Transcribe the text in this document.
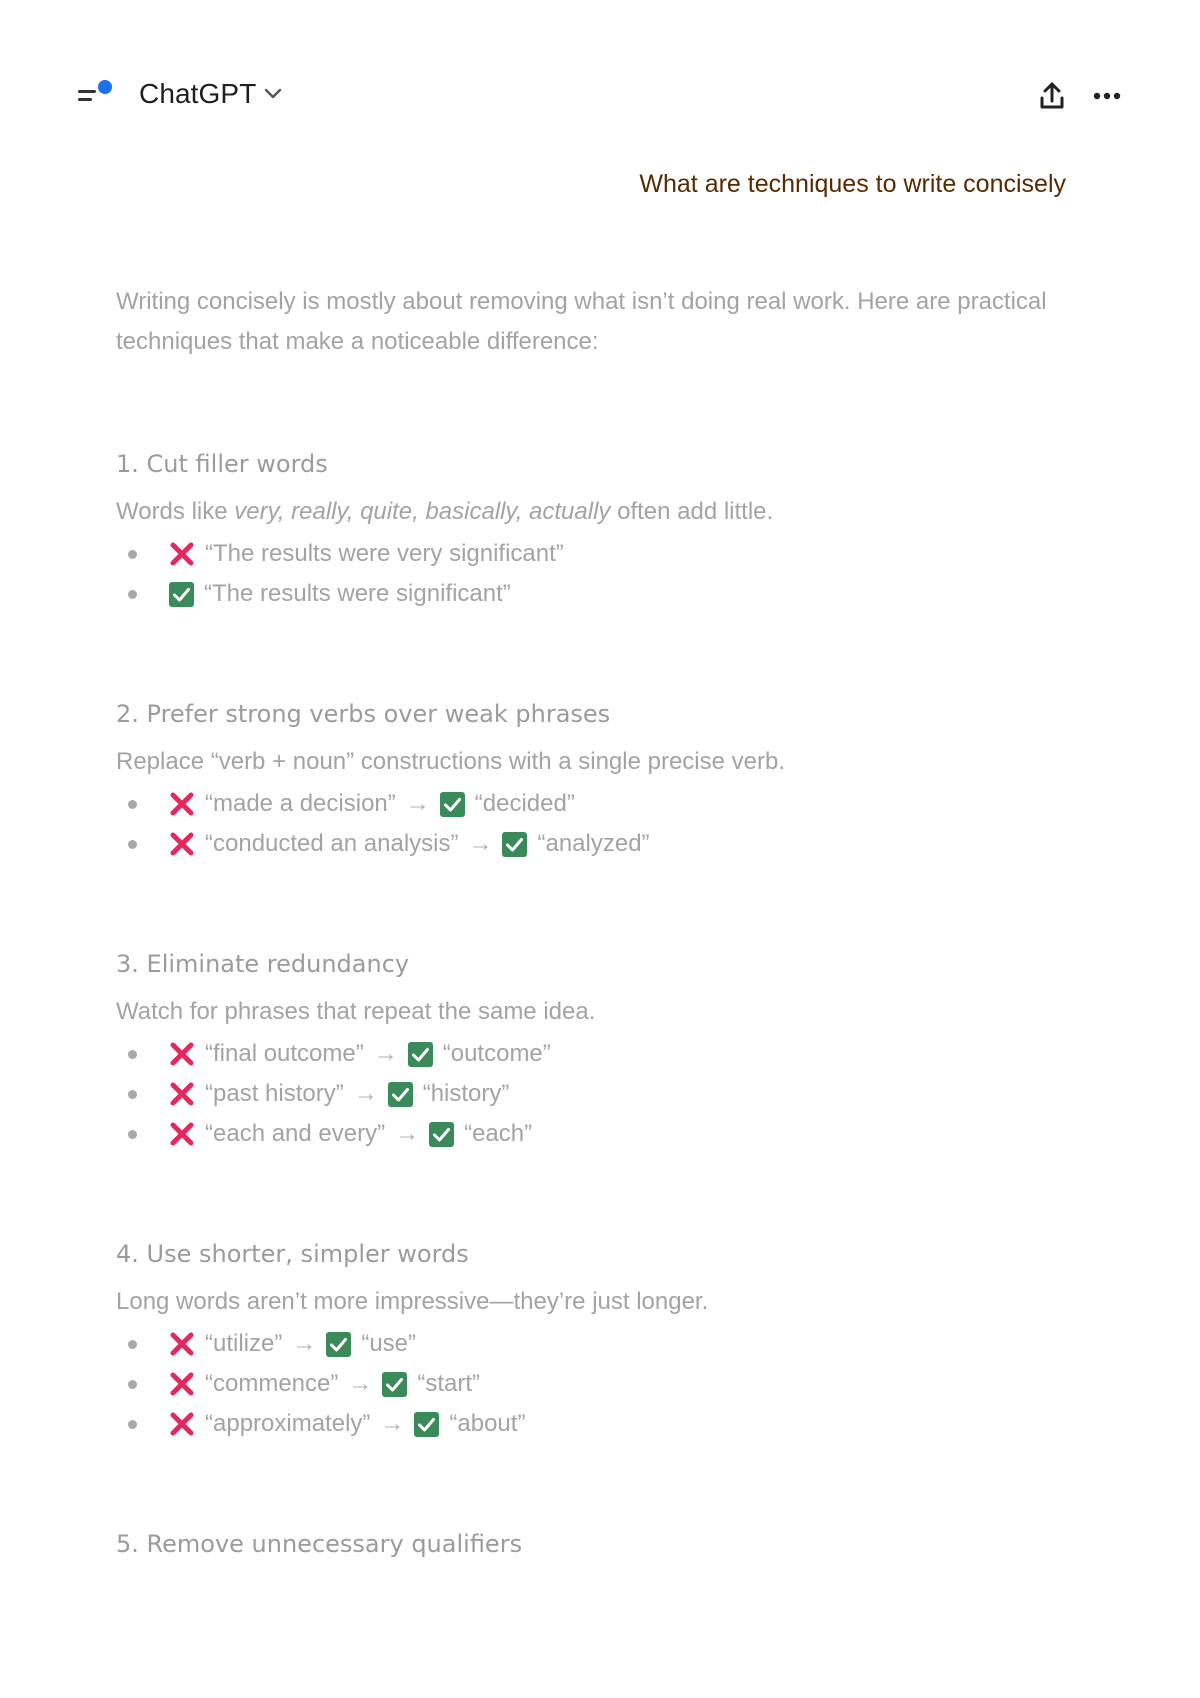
ChatGPT
What are techniques to write concisely

Writing concisely is mostly about removing what isn’t doing real work. Here are practical techniques that make a noticeable difference:

1. Cut filler words

Words like very, really, quite, basically, actually often add little.

“The results were very significant”
“The results were significant”
2. Prefer strong verbs over weak phrases

Replace “verb + noun” constructions with a single precise verb.

“made a decision” → “decided”
“conducted an analysis” → “analyzed”
3. Eliminate redundancy

Watch for phrases that repeat the same idea.

“final outcome” → “outcome”
“past history” → “history”
“each and every” → “each”
4. Use shorter, simpler words

Long words aren’t more impressive—they’re just longer.

“utilize” → “use”
“commence” → “start”
“approximately” → “about”
5. Remove unnecessary qualifiers
